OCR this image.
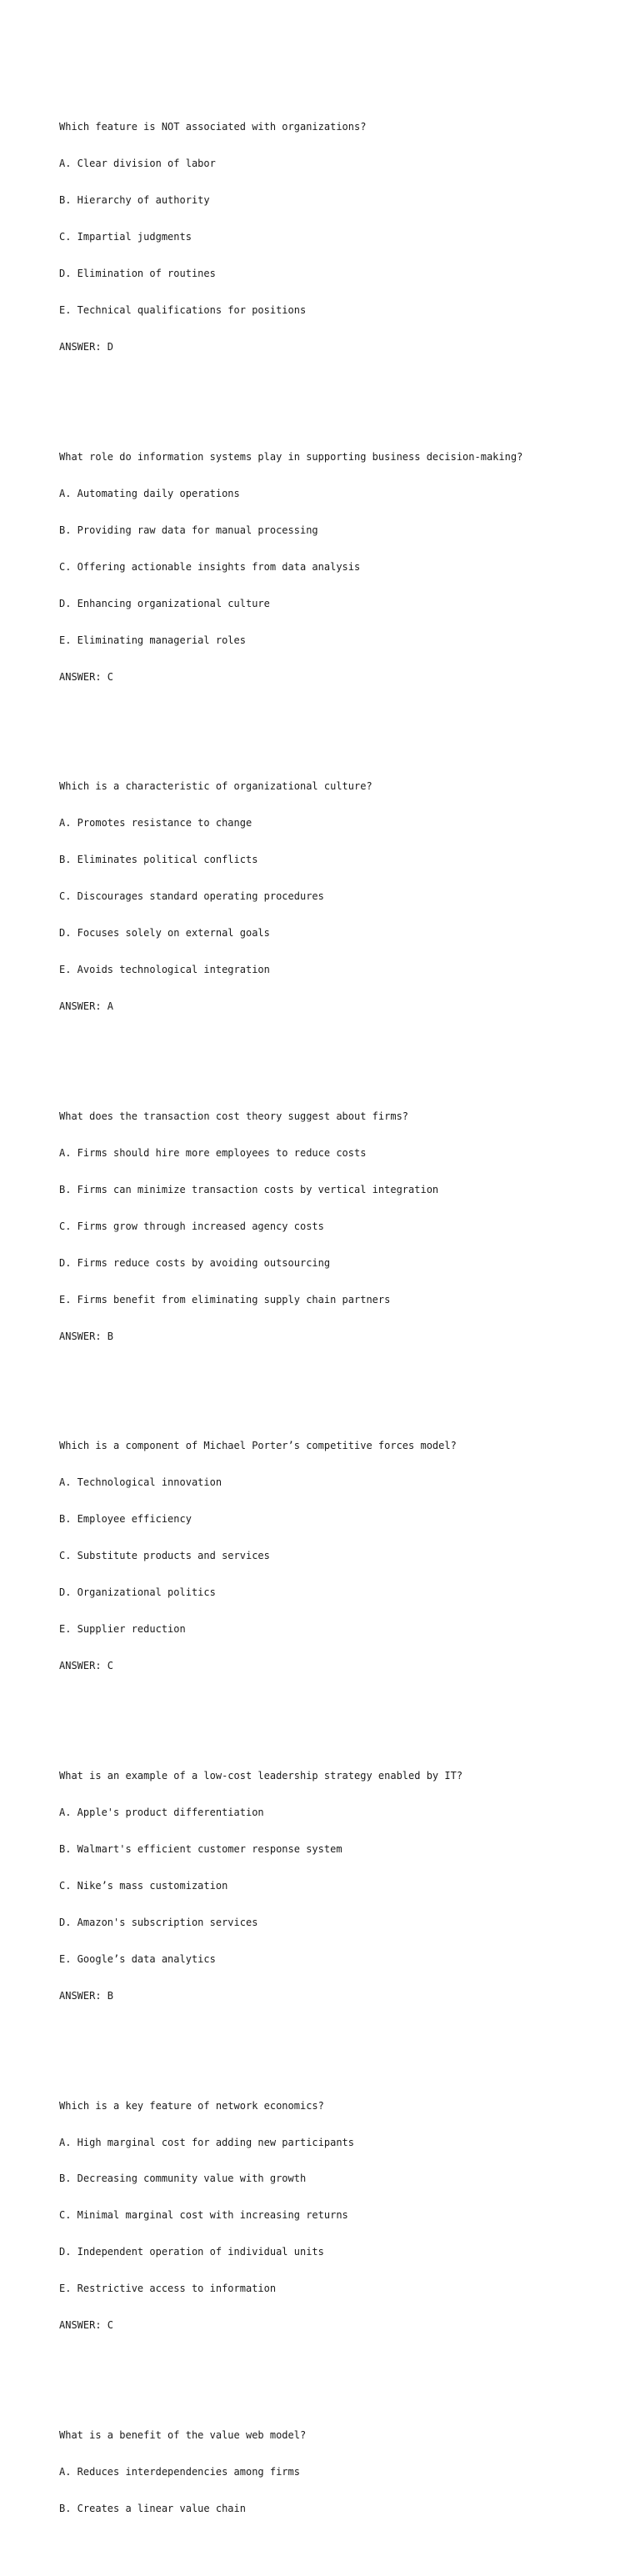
Which feature is NOT associated with organizations?

A. Clear division of labor

B. Hierarchy of authority

C. Impartial judgments

D. Elimination of routines

E. Technical qualifications for positions

ANSWER: D

What role do information systems play in supporting business decision-making?

A. Automating daily operations

B. Providing raw data for manual processing

C. Offering actionable insights from data analysis

D. Enhancing organizational culture

E. Eliminating managerial roles

ANSWER: C

Which is a characteristic of organizational culture?

A. Promotes resistance to change

B. Eliminates political conflicts

C. Discourages standard operating procedures

D. Focuses solely on external goals

E. Avoids technological integration

ANSWER: A

What does the transaction cost theory suggest about firms?

A. Firms should hire more employees to reduce costs

B. Firms can minimize transaction costs by vertical integration

C. Firms grow through increased agency costs

D. Firms reduce costs by avoiding outsourcing

E. Firms benefit from eliminating supply chain partners

ANSWER: B

Which is a component of Michael Porter’s competitive forces model?

A. Technological innovation

B. Employee efficiency

C. Substitute products and services

D. Organizational politics

E. Supplier reduction

ANSWER: C

What is an example of a low-cost leadership strategy enabled by IT?

A. Apple's product differentiation

B. Walmart's efficient customer response system

C. Nike’s mass customization

D. Amazon's subscription services

E. Google’s data analytics

ANSWER: B

Which is a key feature of network economics?

A. High marginal cost for adding new participants

B. Decreasing community value with growth

C. Minimal marginal cost with increasing returns

D. Independent operation of individual units

E. Restrictive access to information

ANSWER: C

What is a benefit of the value web model?

A. Reduces interdependencies among firms

B. Creates a linear value chain
